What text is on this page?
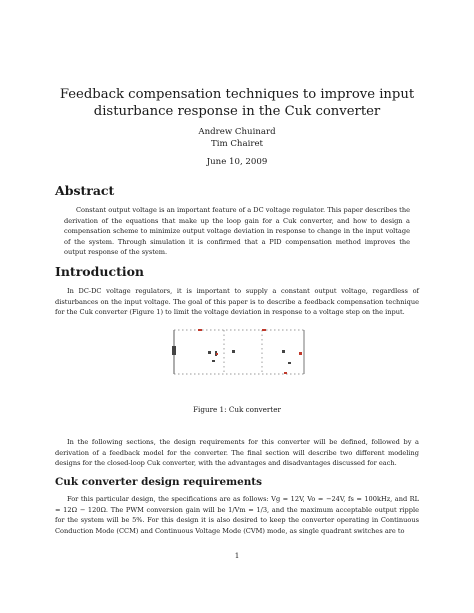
Feedback compensation techniques to improve input disturbance response in the Cuk converter
Andrew Chuinard
Tim Chairet
June 10, 2009
Abstract
Constant output voltage is an important feature of a DC voltage regulator. This paper describes the derivation of the equations that make up the loop gain for a Cuk converter, and how to design a compensation scheme to minimize output voltage deviation in response to change in the input voltage of the system. Through simulation it is confirmed that a PID compensation method improves the output response of the system.
Introduction
In DC-DC voltage regulators, it is important to supply a constant output voltage, regardless of disturbances on the input voltage. The goal of this paper is to describe a feedback compensation technique for the Cuk converter (Figure 1) to limit the voltage deviation in response to a voltage step on the input.
Figure 1: Cuk converter
In the following sections, the design requirements for this converter will be defined, followed by a derivation of a feedback model for the converter. The final section will describe two different modeling designs for the closed-loop Cuk converter, with the advantages and disadvantages discussed for each.
Cuk converter design requirements
For this particular design, the specifications are as follows: Vg = 12V, Vo = −24V, fs = 100kHz, and RL = 12Ω − 120Ω. The PWM conversion gain will be 1/Vm = 1/3, and the maximum acceptable output ripple for the system will be 5%. For this design it is also desired to keep the converter operating in Continuous Conduction Mode (CCM) and Continuous Voltage Mode (CVM) mode, as single quadrant switches are to
1
